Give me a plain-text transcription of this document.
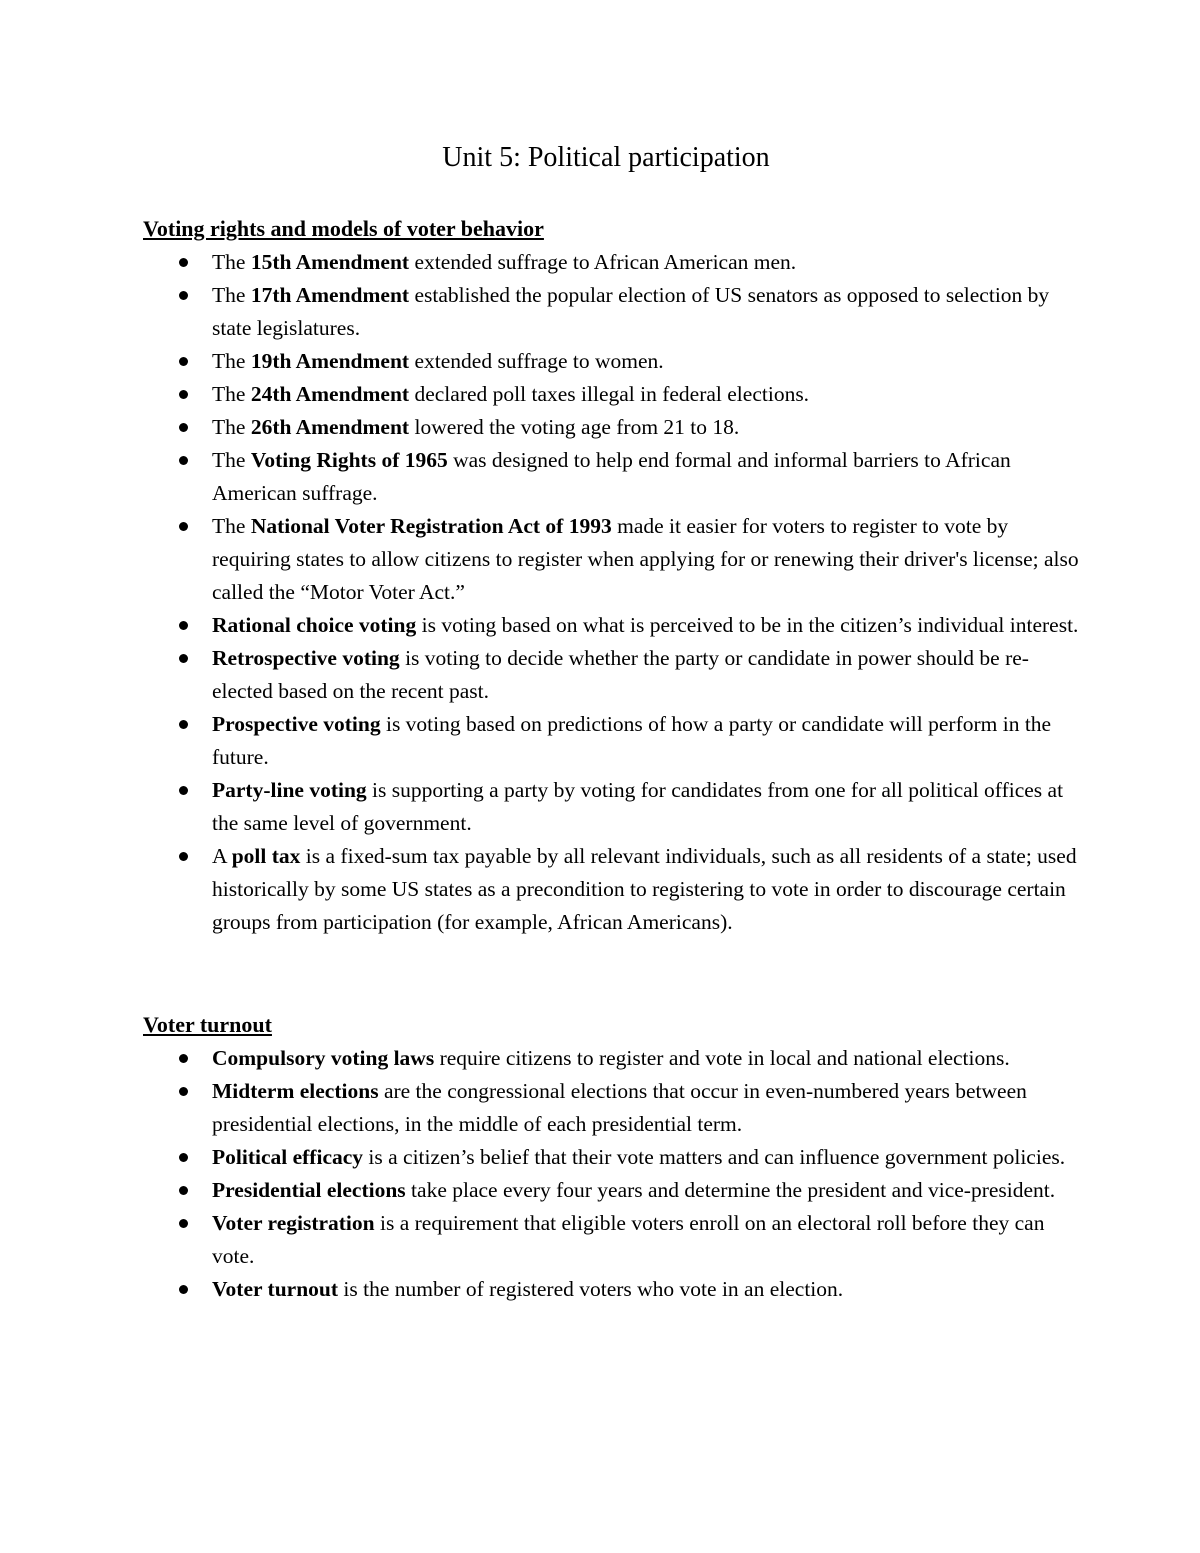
Unit 5: Political participation
Voting rights and models of voter behavior
The 15th Amendment extended suffrage to African American men.
The 17th Amendment established the popular election of US senators as opposed to selection by state legislatures.
The 19th Amendment extended suffrage to women.
The 24th Amendment declared poll taxes illegal in federal elections.
The 26th Amendment lowered the voting age from 21 to 18.
The Voting Rights of 1965 was designed to help end formal and informal barriers to African American suffrage.
The National Voter Registration Act of 1993 made it easier for voters to register to vote by requiring states to allow citizens to register when applying for or renewing their driver's license; also called the “Motor Voter Act.”
Rational choice voting is voting based on what is perceived to be in the citizen’s individual interest.
Retrospective voting is voting to decide whether the party or candidate in power should be re-elected based on the recent past.
Prospective voting is voting based on predictions of how a party or candidate will perform in the future.
Party-line voting is supporting a party by voting for candidates from one for all political offices at the same level of government.
A poll tax is a fixed-sum tax payable by all relevant individuals, such as all residents of a state; used historically by some US states as a precondition to registering to vote in order to discourage certain groups from participation (for example, African Americans).
Voter turnout
Compulsory voting laws require citizens to register and vote in local and national elections.
Midterm elections are the congressional elections that occur in even-numbered years between presidential elections, in the middle of each presidential term.
Political efficacy is a citizen’s belief that their vote matters and can influence government policies.
Presidential elections take place every four years and determine the president and vice-president.
Voter registration is a requirement that eligible voters enroll on an electoral roll before they can vote.
Voter turnout is the number of registered voters who vote in an election.
